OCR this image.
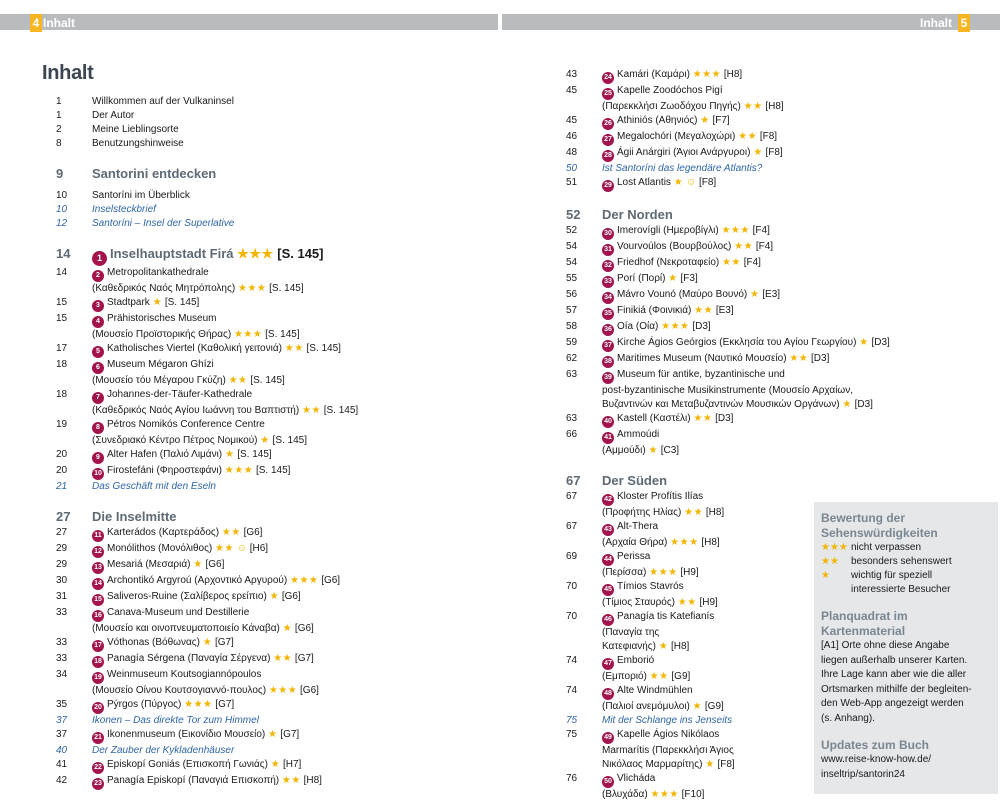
4 Inhalt	Inhalt 5
Inhalt
1	Willkommen auf der Vulkaninsel
1	Der Autor
2	Meine Lieblingsorte
8	Benutzungshinweise
9	Santorini entdecken
10	Santoríni im Überblick
10	Inselsteckbrief
12	Santoríni – Insel der Superlative
14	1 Inselhauptstadt Firá ★★★ [S. 145]
14	2 Metropolitankathedrale
(Καθεδρικός Ναός Μητρόπολης) ★★★ [S. 145]
15	3 Stadtpark ★ [S. 145]
15	4 Prähistorisches Museum
(Μουσείο Προϊστορικής Θήρας) ★★★ [S. 145]
17	5 Katholisches Viertel (Καθολική γειτονιά) ★★ [S. 145]
18	6 Museum Mégaron Ghízi
(Μουσείο τόυ Μέγαρου Γκύζη) ★★ [S. 145]
18	7 Johannes-der-Täufer-Kathedrale
(Καθεδρικός Ναός Αγίου Ιωάννη του Βαπτιστή) ★★ [S. 145]
19	8 Pétros Nomikós Conference Centre
(Συνεδριακό Κέντρο Πέτρος Νομικού) ★ [S. 145]
20	9 Alter Hafen (Παλιό Λιμάνι) ★ [S. 145]
20	10 Firostefáni (Φηροστεφάνι) ★★★ [S. 145]
21	Das Geschäft mit den Eseln
27	Die Inselmitte
27	11 Karterádos (Καρτεράδος) ★★ [G6]
29	12 Monólithos (Μονόλιθος) ★★ ☺ [H6]
29	13 Mesariá (Μεσαριά) ★ [G6]
30	14 Archontikó Argyroú (Αρχοντικό Αργυρού) ★★★ [G6]
31	15 Saliveros-Ruine (Σαλίβερος ερείπιο) ★ [G6]
33	16 Canava-Museum und Destillerie
(Μουσείο και οινοπνευματοποιείο Κάναβα) ★ [G6]
33	17 Vóthonas (Βόθωνας) ★ [G7]
33	18 Panagía Sérgena (Παναγία Σέργενα) ★★ [G7]
34	19 Weinmuseum Koutsogiannópoulos
(Μουσείο Οίνου Κουτσογιαννό-πουλος) ★★★ [G6]
35	20 Pýrgos (Πύργος) ★★★ [G7]
37	Ikonen – Das direkte Tor zum Himmel
37	21 Ikonenmuseum (Εικονίδιο Μουσείο) ★ [G7]
40	Der Zauber der Kykladenhäuser
41	22 Episkopí Goniás (Επισκοπή Γωνιάς) ★ [H7]
42	23 Panagía Episkopí (Παναγιά Επισκοπή) ★★ [H8]
43	24 Kamári (Καμάρι) ★★★ [H8]
45	25 Kapelle Zoodóchos Pigí
(Παρεκκλήσι Ζωοδόχου Πηγής) ★★ [H8]
45	26 Athiniós (Αθηνιός) ★ [F7]
46	27 Megalochóri (Μεγαλοχώρι) ★★ [F8]
48	28 Ágii Anárgiri (Άγιοι Ανάργυροι) ★ [F8]
50	Ist Santoríni das legendäre Atlantis?
51	29 Lost Atlantis ★ ☺ [F8]
52	Der Norden
52	30 Imerovígli (Ημεροβίγλι) ★★★ [F4]
54	31 Vourvoúlos (Βουρβούλος) ★★ [F4]
54	32 Friedhof (Νεκροταφείο) ★★ [F4]
55	33 Porí (Πορί) ★ [F3]
56	34 Mávro Vounó (Μαύρο Βουνό) ★ [E3]
57	35 Finikiá (Φοινικιά) ★★ [E3]
58	36 Oía (Οία) ★★★ [D3]
59	37 Kirche Ágios Geórgios (Εκκλησία του Αγίου Γεωργίου) ★ [D3]
62	38 Maritimes Museum (Ναυτικό Μουσείο) ★★ [D3]
63	39 Museum für antike, byzantinische und
post-byzantinische Musikinstrumente (Μουσείο Αρχαίων,
Βυζαντινών και Μεταβυζαντινών Μουσικών Οργάνων) ★ [D3]
63	40 Kastell (Καστέλι) ★★ [D3]
66	41 Ammoúdi
(Αμμούδι) ★ [C3]
67	Der Süden
67	42 Kloster Profítis Ilías
(Προφήτης Ηλίας) ★★ [H8]
67	43 Alt-Thera
(Αρχαία Θήρα) ★★★ [H8]
69	44 Perissa
(Περίσσα) ★★★ [H9]
70	45 Tímios Stavrós
(Τίμιος Σταυρός) ★★ [H9]
70	46 Panagía tis Katefianís
(Παναγία της
Κατεφιανής) ★ [H8]
74	47 Emborió
(Εμποριό) ★★ [G9]
74	48 Alte Windmühlen
(Παλιοί ανεμόμυλοι) ★ [G9]
75	Mit der Schlange ins Jenseits
75	49 Kapelle Ágios Nikólaos
Marmarítis (Παρεκκλήσι Άγιος
Νικόλαος Μαρμαρίτης) ★ [F8]
76	50 Vlicháda
(Βλυχάδα) ★★★ [F10]
Bewertung der
Sehenswürdigkeiten
★★★ nicht verpassen
★★	besonders sehenswert
★	wichtig für speziell
interessierte Besucher
Planquadrat im Kartenmaterial
[A1] Orte ohne diese Angabe
liegen außerhalb unserer Karten.
Ihre Lage kann aber wie die aller
Ortsmarken mithilfe der begleiten-
den Web-App angezeigt werden
(s. Anhang).
Updates zum Buch
www.reise-know-how.de/
inseltrip/santorin24
